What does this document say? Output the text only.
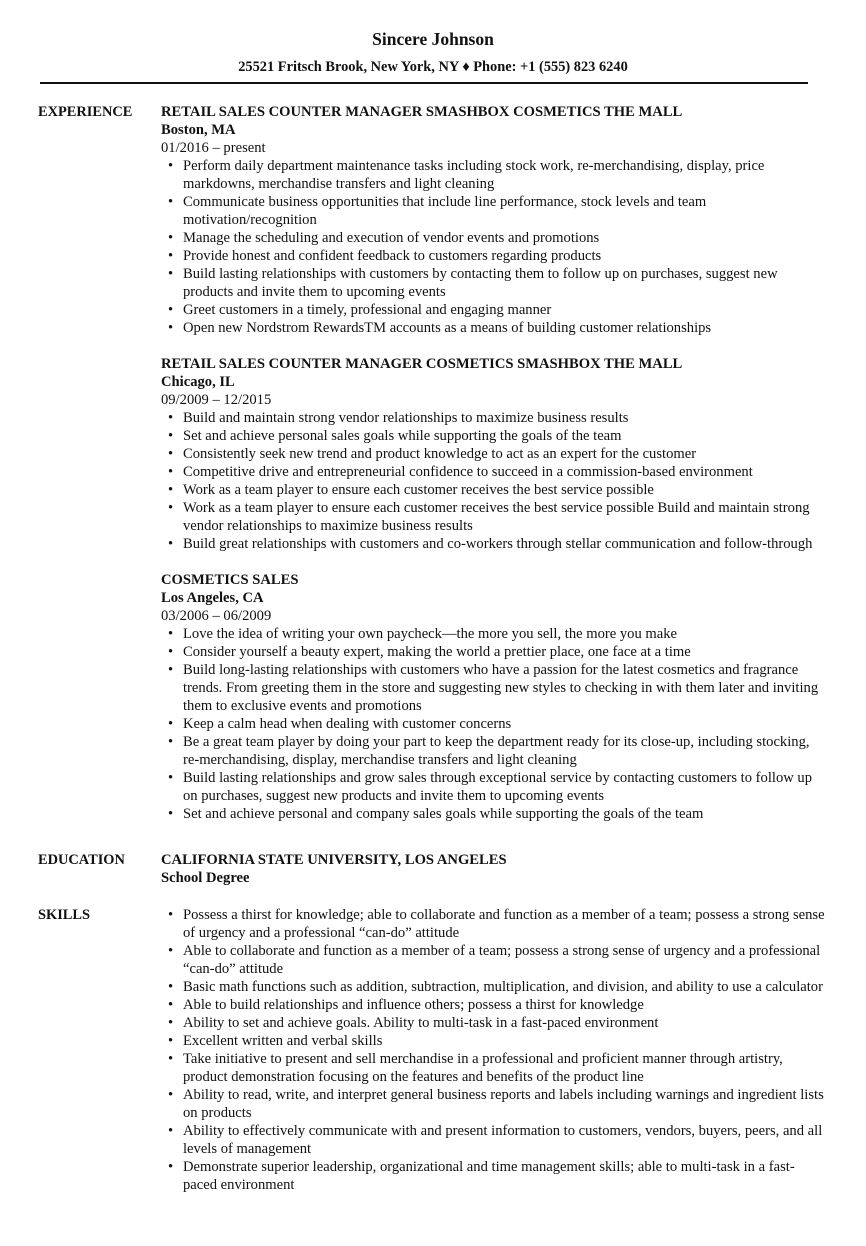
Sincere Johnson
25521 Fritsch Brook, New York, NY ♦ Phone: +1 (555) 823 6240
EXPERIENCE	RETAIL SALES COUNTER MANAGER SMASHBOX COSMETICS THE MALL
Boston, MA
01/2016 – present
• Perform daily department maintenance tasks including stock work, re-merchandising, display, price markdowns, merchandise transfers and light cleaning
• Communicate business opportunities that include line performance, stock levels and team motivation/recognition
• Manage the scheduling and execution of vendor events and promotions
• Provide honest and confident feedback to customers regarding products
• Build lasting relationships with customers by contacting them to follow up on purchases, suggest new products and invite them to upcoming events
• Greet customers in a timely, professional and engaging manner
• Open new Nordstrom RewardsTM accounts as a means of building customer relationships
RETAIL SALES COUNTER MANAGER COSMETICS SMASHBOX THE MALL
Chicago, IL
09/2009 – 12/2015
• Build and maintain strong vendor relationships to maximize business results
• Set and achieve personal sales goals while supporting the goals of the team
• Consistently seek new trend and product knowledge to act as an expert for the customer
• Competitive drive and entrepreneurial confidence to succeed in a commission-based environment
• Work as a team player to ensure each customer receives the best service possible
• Work as a team player to ensure each customer receives the best service possible Build and maintain strong vendor relationships to maximize business results
• Build great relationships with customers and co-workers through stellar communication and follow-through
COSMETICS SALES
Los Angeles, CA
03/2006 – 06/2009
• Love the idea of writing your own paycheck—the more you sell, the more you make
• Consider yourself a beauty expert, making the world a prettier place, one face at a time
• Build long-lasting relationships with customers who have a passion for the latest cosmetics and fragrance trends. From greeting them in the store and suggesting new styles to checking in with them later and inviting them to exclusive events and promotions
• Keep a calm head when dealing with customer concerns
• Be a great team player by doing your part to keep the department ready for its close-up, including stocking, re-merchandising, display, merchandise transfers and light cleaning
• Build lasting relationships and grow sales through exceptional service by contacting customers to follow up on purchases, suggest new products and invite them to upcoming events
• Set and achieve personal and company sales goals while supporting the goals of the team
EDUCATION	CALIFORNIA STATE UNIVERSITY, LOS ANGELES
School Degree
SKILLS
•	Possess a thirst for knowledge; able to collaborate and function as a member of a team; possess a strong sense of urgency and a professional “can-do” attitude
• Able to collaborate and function as a member of a team; possess a strong sense of urgency and a professional “can-do” attitude
• Basic math functions such as addition, subtraction, multiplication, and division, and ability to use a calculator
• Able to build relationships and influence others; possess a thirst for knowledge
• Ability to set and achieve goals. Ability to multi-task in a fast-paced environment
• Excellent written and verbal skills
• Take initiative to present and sell merchandise in a professional and proficient manner through artistry, product demonstration focusing on the features and benefits of the product line
• Ability to read, write, and interpret general business reports and labels including warnings and ingredient lists on products
• Ability to effectively communicate with and present information to customers, vendors, buyers, peers, and all levels of management
• Demonstrate superior leadership, organizational and time management skills; able to multi-task in a fast-paced environment
